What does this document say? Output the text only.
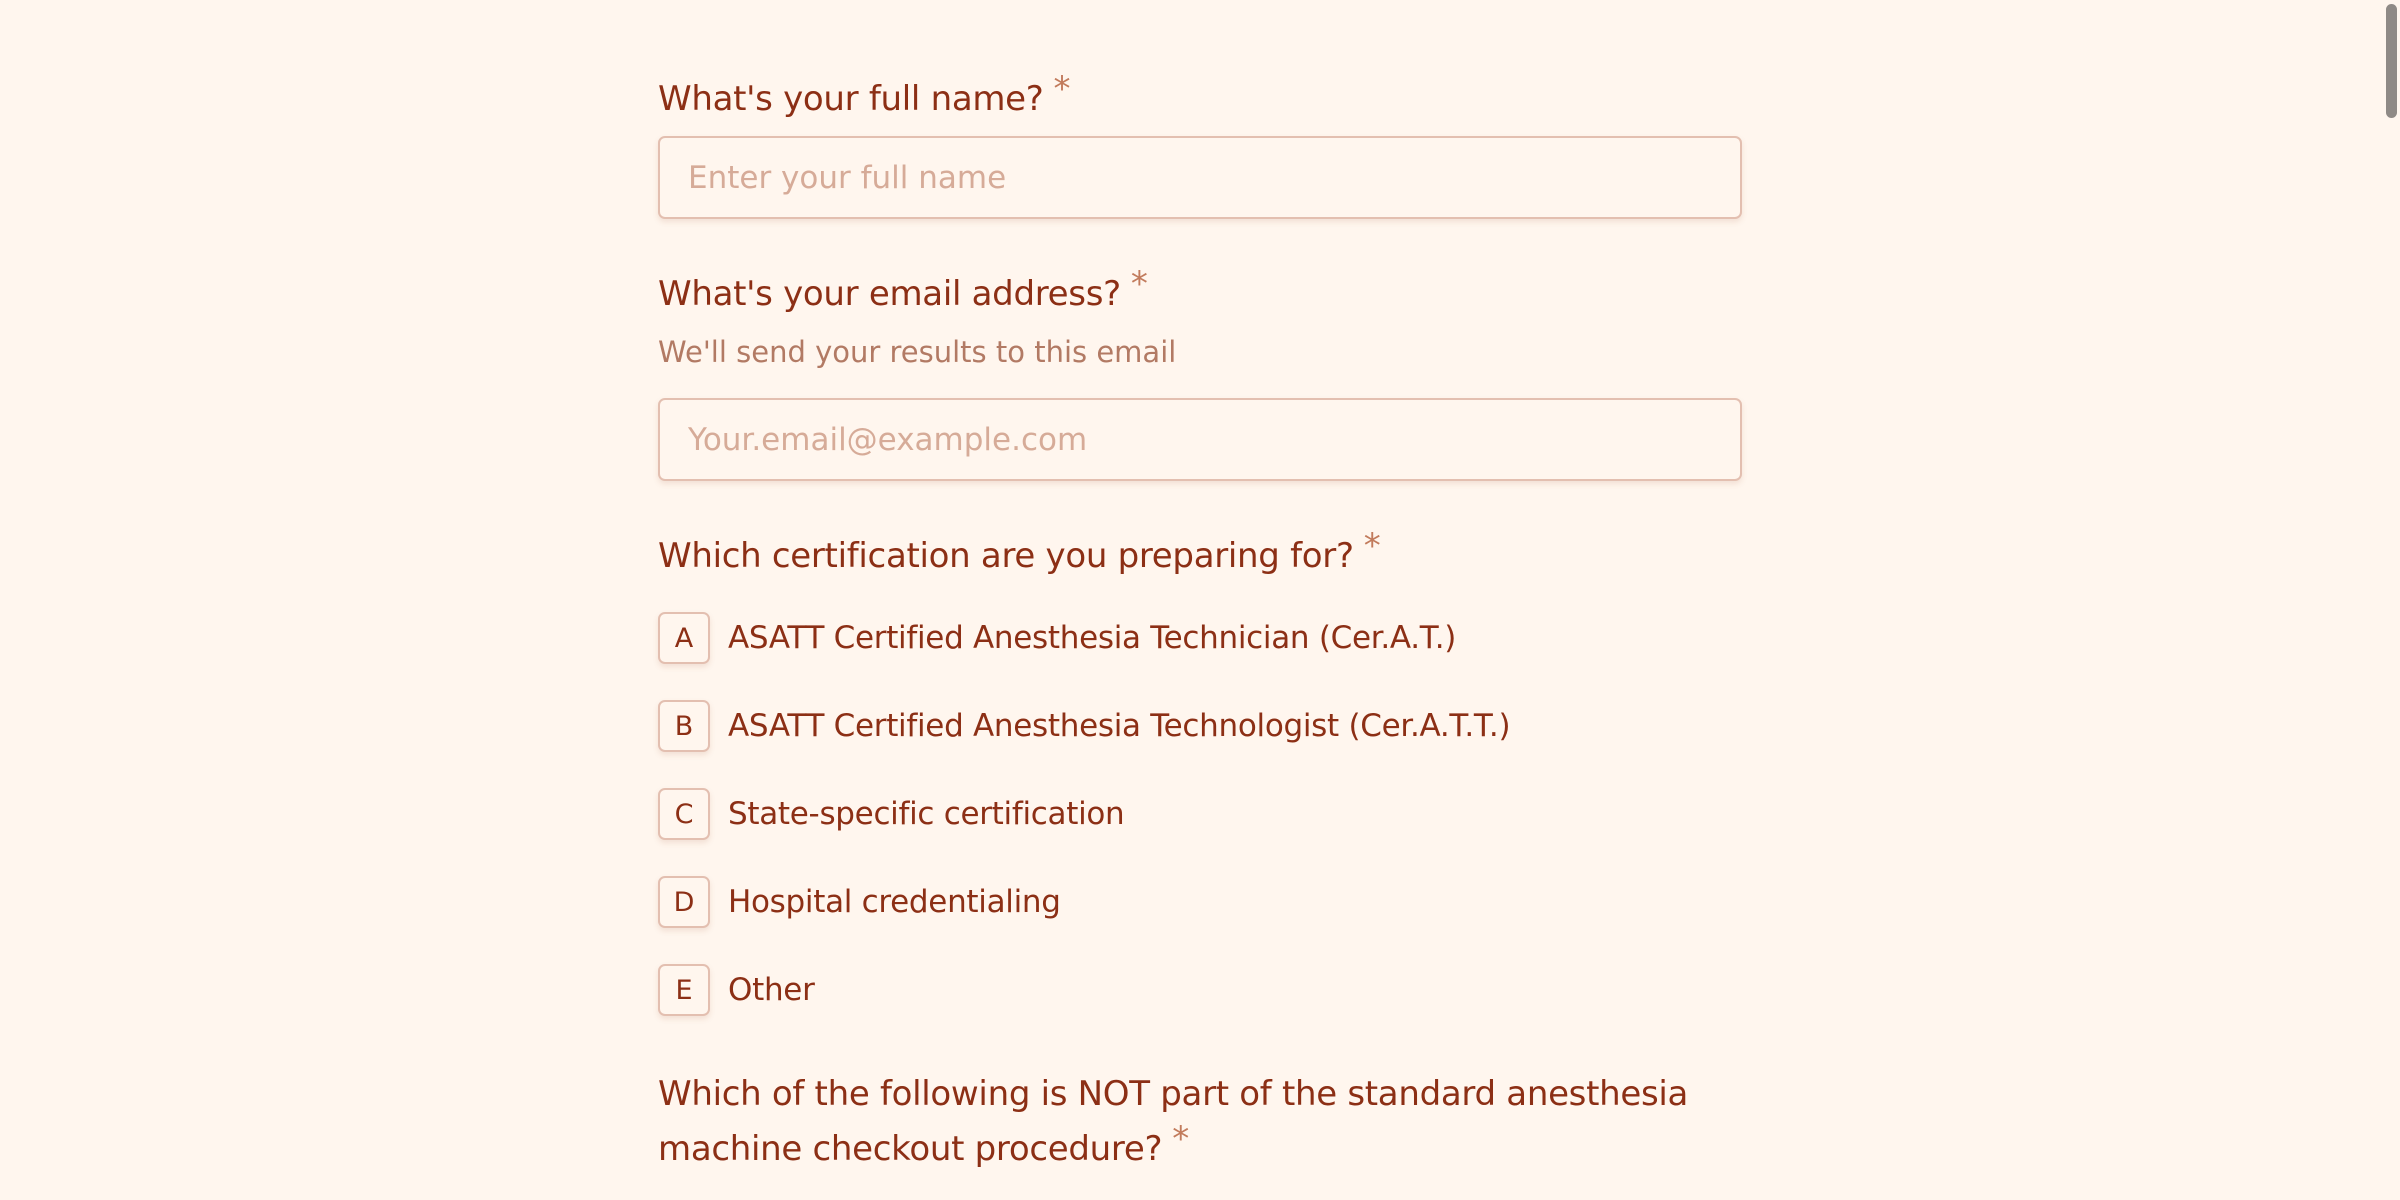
What's your full name? *
Enter your full name
What's your email address? *
We'll send your results to this email
Your.email@example.com
Which certification are you preparing for? *
A	ASATT Certified Anesthesia Technician (Cer.A.T.)
B	ASATT Certified Anesthesia Technologist (Cer.A.T.T.)
C	State-specific certification
D	Hospital credentialing
E	Other
Which of the following is NOT part of the standard anesthesia
machine checkout procedure? *
